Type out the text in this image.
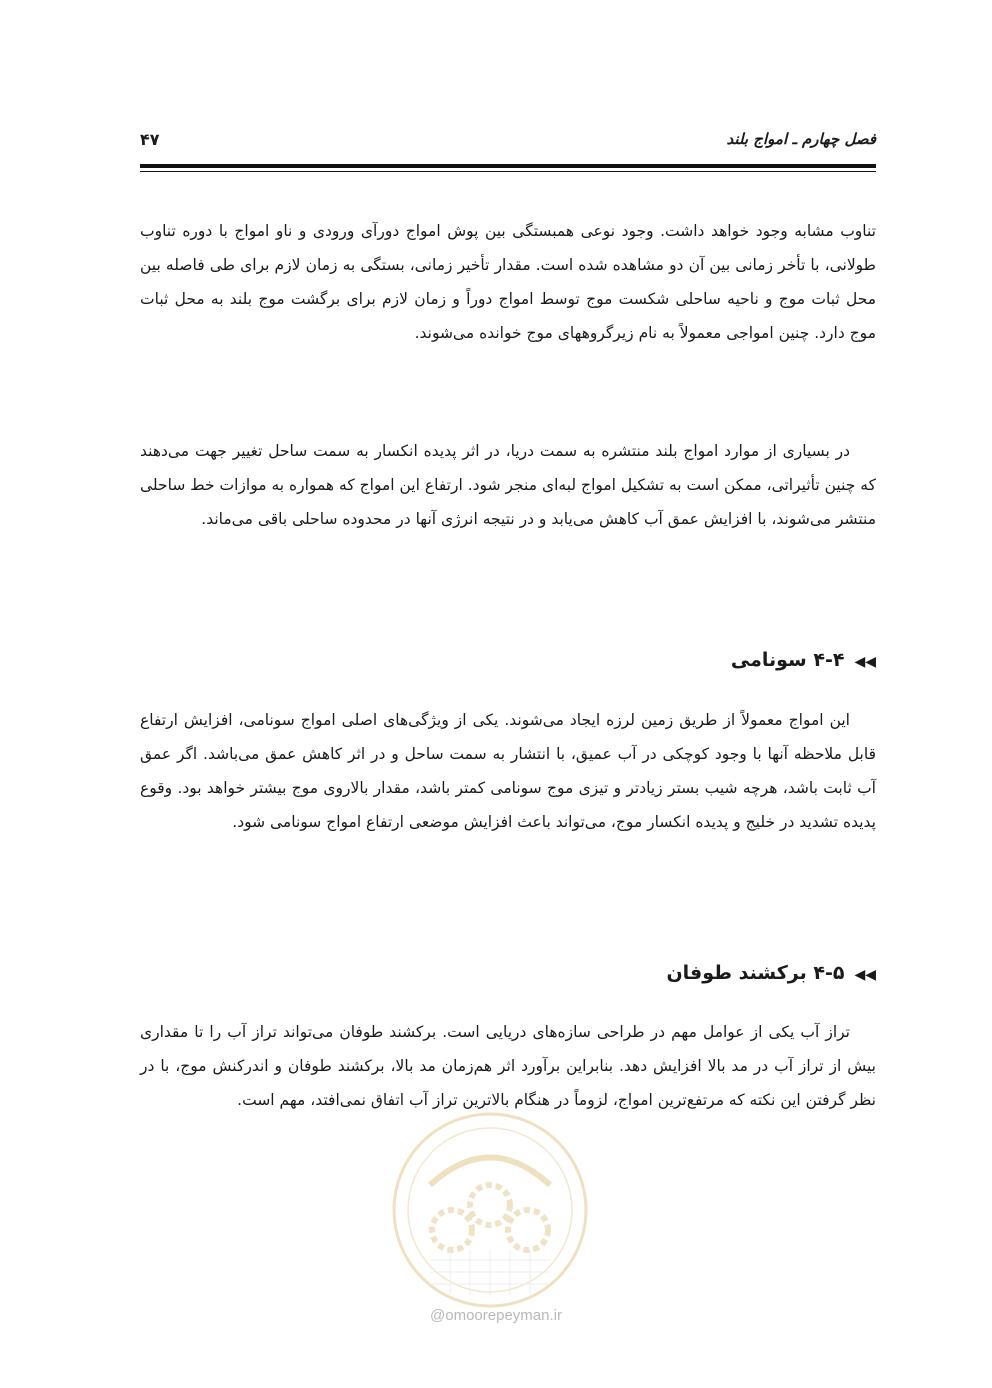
فصل چهارم ـ امواج بلند
۴۷

تناوب مشابه وجود خواهد داشت. وجود نوعی همبستگی بین پوش امواج دورآی ورودی و ناو امواج با دوره تناوب طولانی، با تأخر زمانی بین آن دو مشاهده شده است. مقدار تأخیر زمانی، بستگی به زمان لازم برای طی فاصله بین محل ثبات موج و ناحیه ساحلی شکست موج توسط امواج دوراً و زمان لازم برای برگشت موج بلند به محل ثبات موج دارد. چنین امواجی معمولاً به نام زیرگروههای موج خوانده می‌شوند.

در بسیاری از موارد امواج بلند منتشره به سمت دریا، در اثر پدیده انکسار به سمت ساحل تغییر جهت می‌دهند که چنین تأثیراتی، ممکن است به تشکیل امواج لبه‌ای منجر شود. ارتفاع این امواج که همواره به موازات خط ساحلی منتشر می‌شوند، با افزایش عمق آب کاهش می‌یابد و در نتیجه انرژی آنها در محدوده ساحلی باقی می‌ماند.

◀◀۴-۴ سونامی

این امواج معمولاً از طریق زمین لرزه ایجاد می‌شوند. یکی از ویژگی‌های اصلی امواج سونامی، افزایش ارتفاع قابل ملاحظه آنها با وجود کوچکی در آب عمیق، با انتشار به سمت ساحل و در اثر کاهش عمق می‌باشد. اگر عمق آب ثابت باشد، هرچه شیب بستر زیادتر و تیزی موج سونامی کمتر باشد، مقدار بالاروی موج بیشتر خواهد بود. وقوع پدیده تشدید در خلیج و پدیده انکسار موج، می‌تواند باعث افزایش موضعی ارتفاع امواج سونامی شود.

◀◀۴-۵ برکشند طوفان

تراز آب یکی از عوامل مهم در طراحی سازه‌های دریایی است. برکشند طوفان می‌تواند تراز آب را تا مقداری بیش از تراز آب در مد بالا افزایش دهد. بنابراین برآورد اثر هم‌زمان مد بالا، برکشند طوفان و اندرکنش موج، با در نظر گرفتن این نکته که مرتفع‌ترین امواج، لزوماً در هنگام بالاترین تراز آب اتفاق نمی‌افتد، مهم است.

@omoorepeyman.ir
